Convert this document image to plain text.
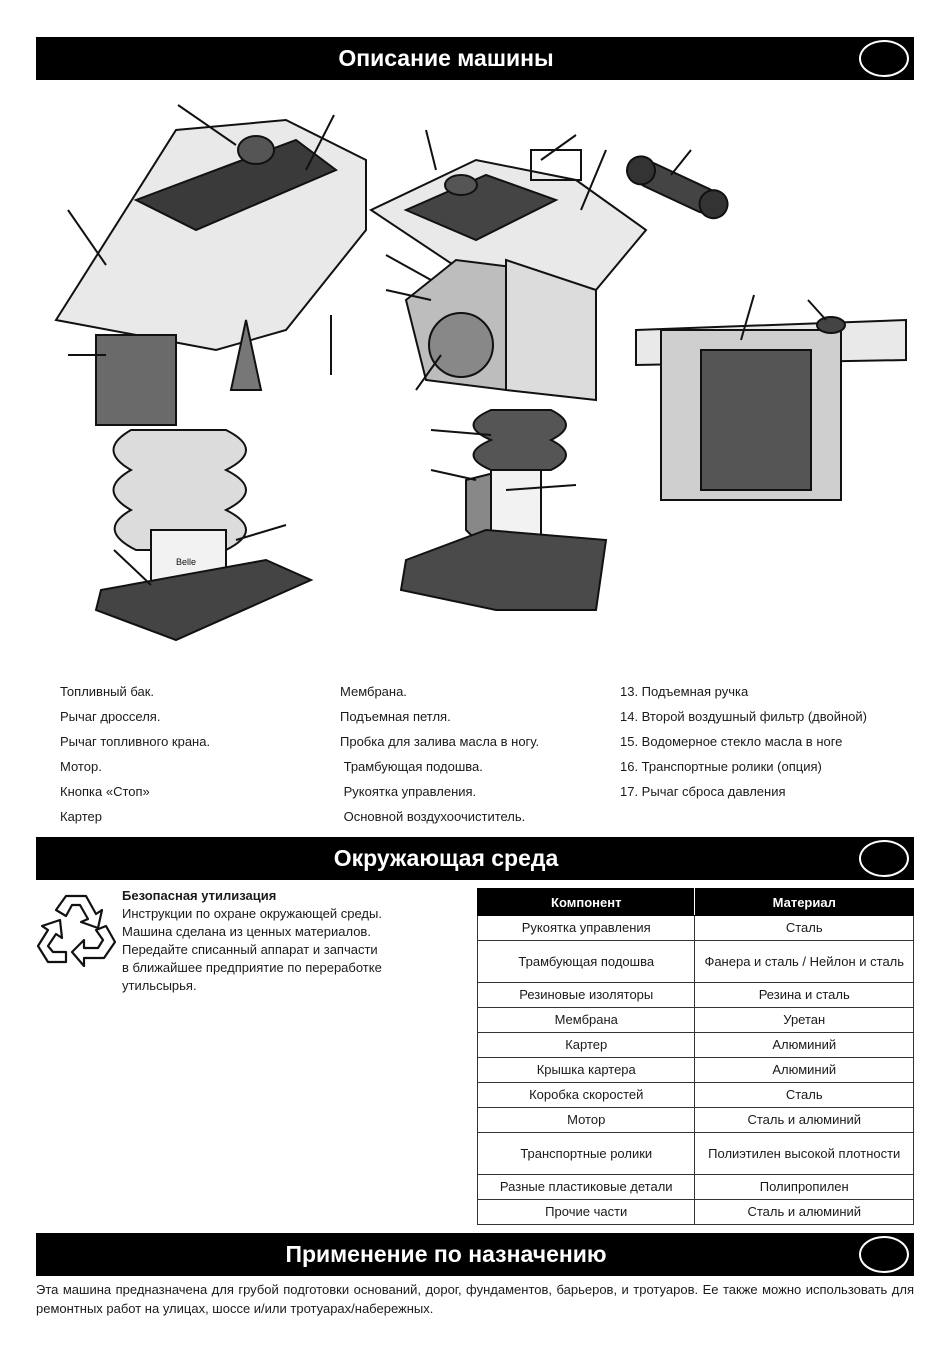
Описание машины
Belle
Топливный бак.
Рычаг дросселя.
Рычаг топливного крана.
Мотор.
Кнопка «Стоп»
Картер
Мембрана.
Подъемная петля.
Пробка для залива масла в ногу.
Трамбующая подошва.
Рукоятка управления.
Основной воздухоочиститель.
13. Подъемная ручка
14. Второй воздушный фильтр (двойной)
15. Водомерное стекло масла в ноге
16. Транспортные ролики (опция)
17. Рычаг сброса давления
Окружающая среда
Безопасная утилизация
Инструкции по охране окружающей среды.
Машина сделана из ценных материалов.
Передайте списанный аппарат и запчасти
в ближайшее предприятие по переработке
утильсырья.
Компонент	Материал
Рукоятка управления	Сталь
Трамбующая подошва	Фанера и сталь / Нейлон и сталь
Резиновые изоляторы	Резина и сталь
Мембрана	Уретан
Картер	Алюминий
Крышка картера	Алюминий
Коробка скоростей	Сталь
Мотор	Сталь и алюминий
Транспортные ролики	Полиэтилен высокой плотности
Разные пластиковые детали	Полипропилен
Прочие части	Сталь и алюминий
Применение по назначению
Эта машина предназначена для грубой подготовки оснований, дорог, фундаментов, барьеров, и тротуаров. Ее также можно использовать для ремонтных работ на улицах, шоссе и/или тротуарах/набережных.
